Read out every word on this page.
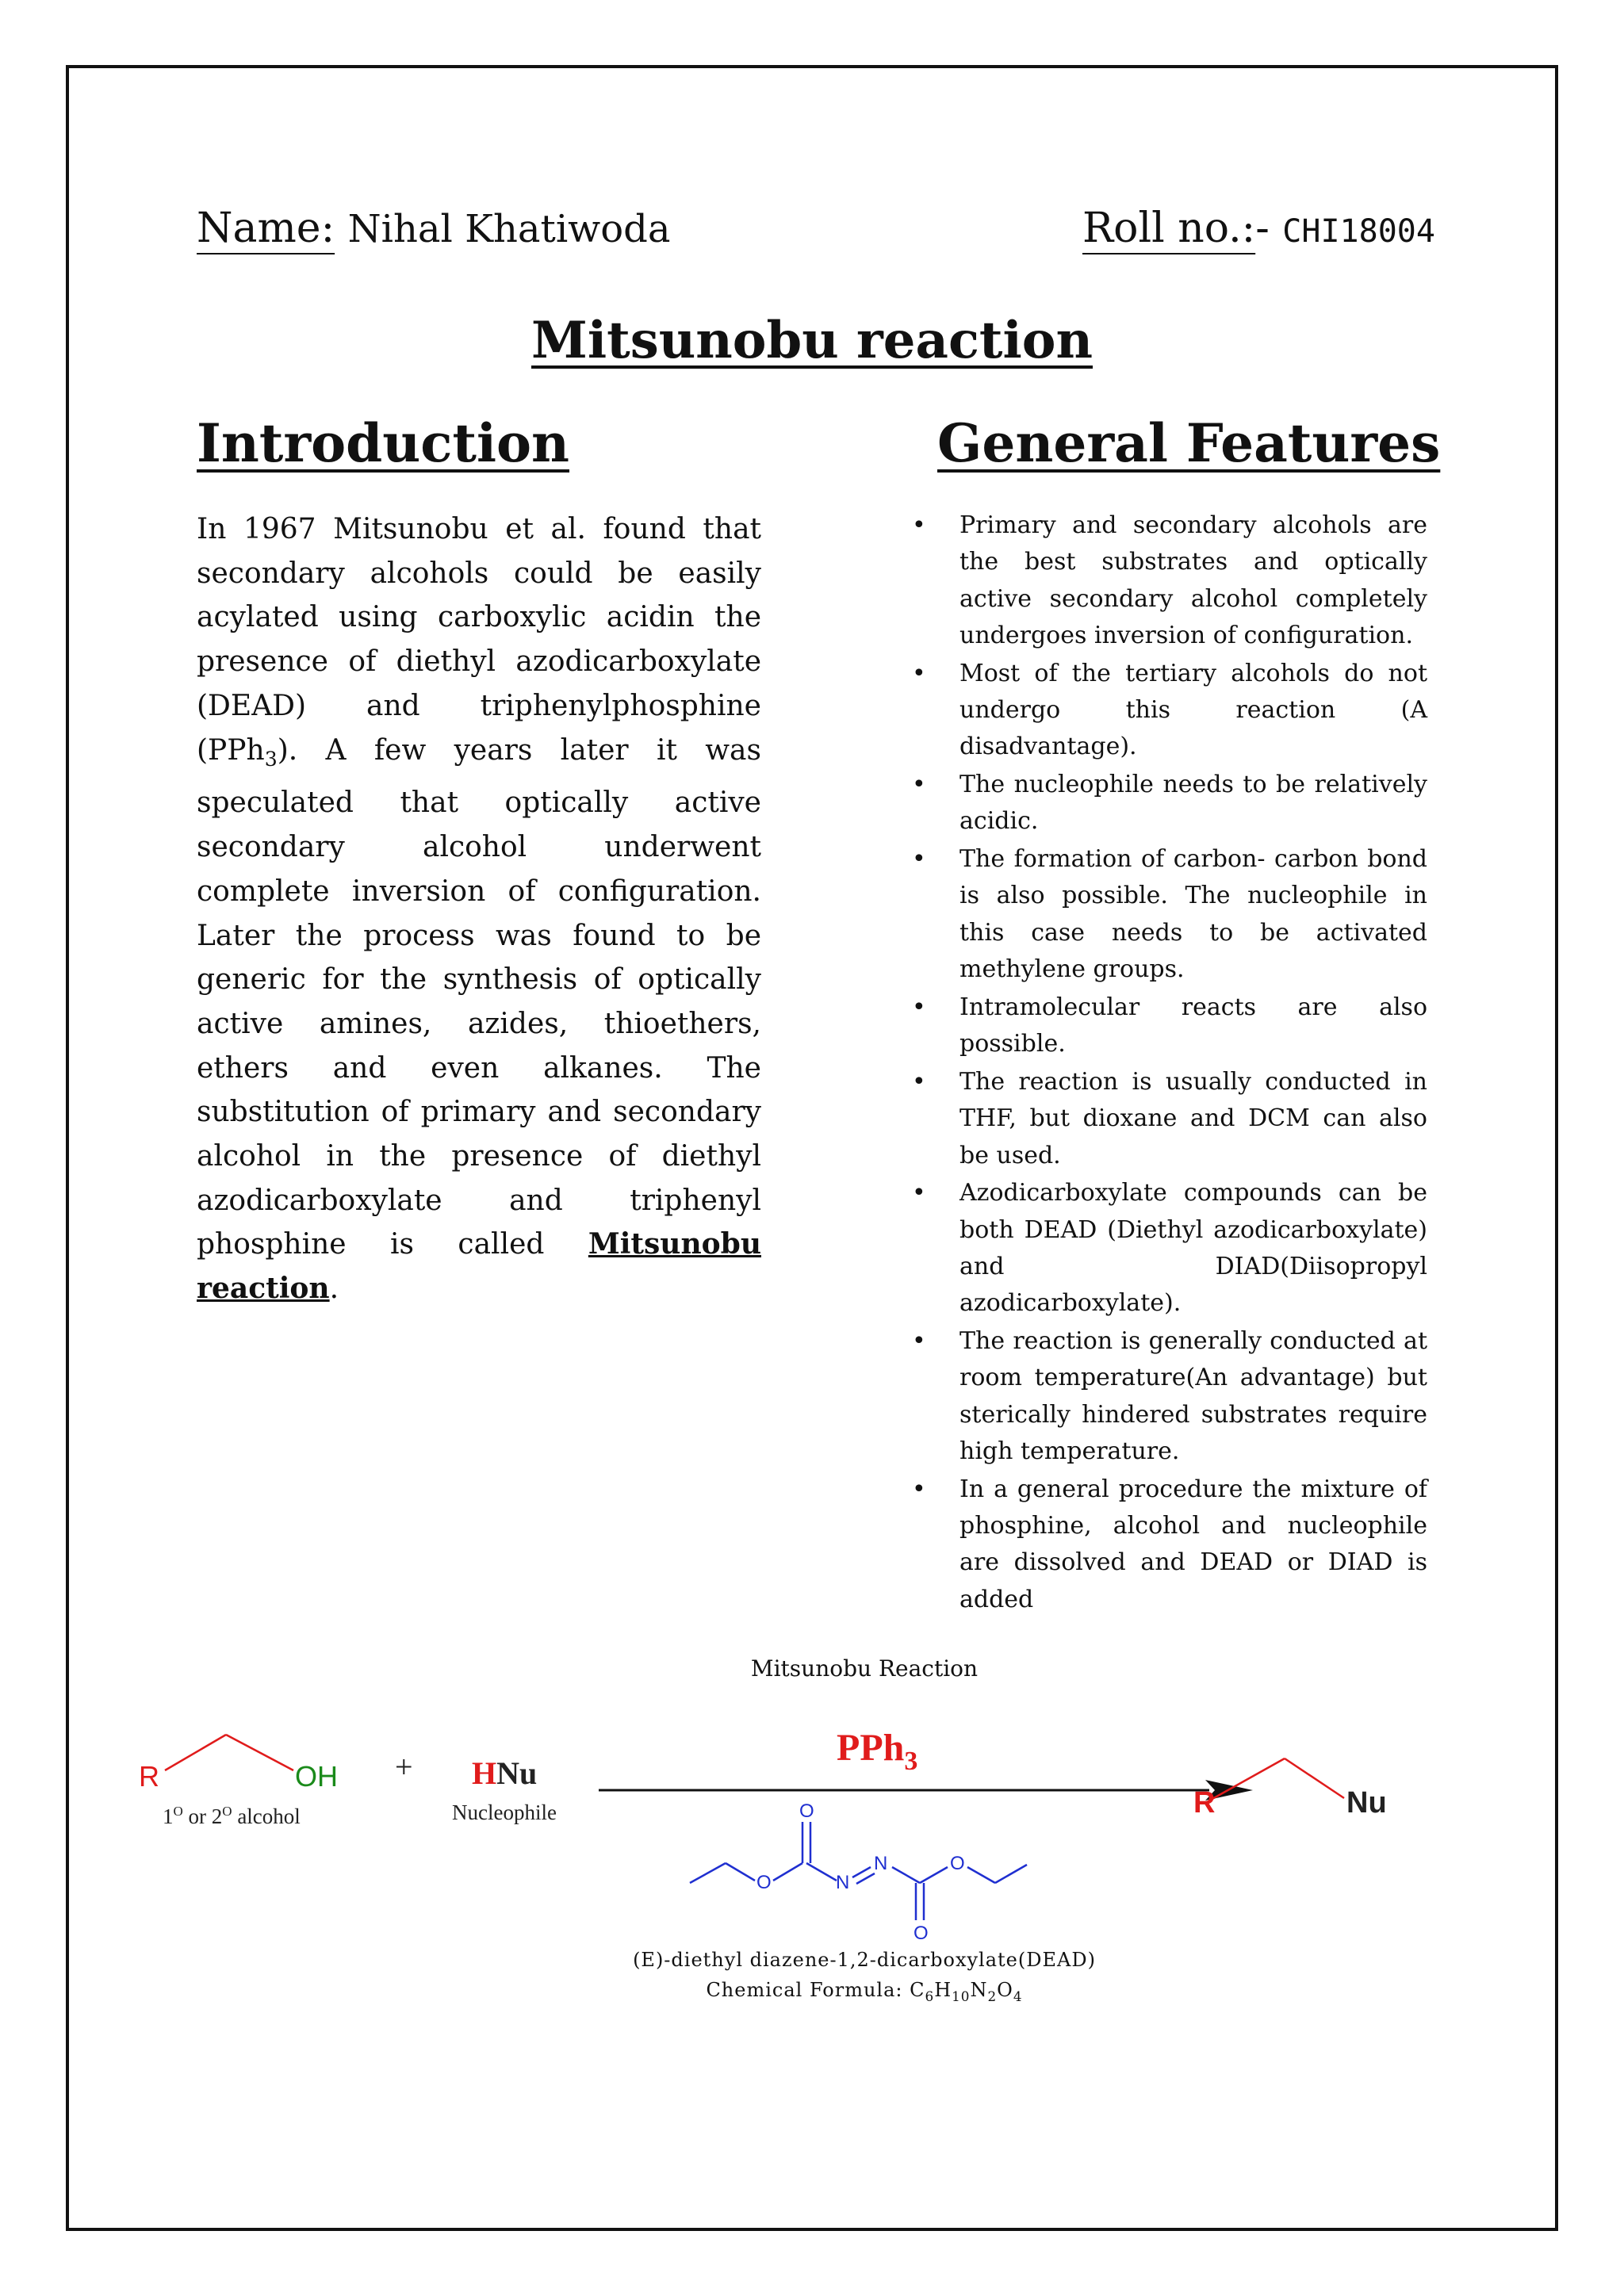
Name: Nihal Khatiwoda	Roll no.:- CHI18004
Mitsunobu reaction
Introduction	General Features
In 1967 Mitsunobu et al. found that secondary alcohols could be easily acylated using carboxylic acidin the presence of diethyl azodicarboxylate (DEAD) and triphenylphosphine (PPh$_3$). A few years later it was speculated that optically active secondary alcohol underwent complete inversion of configuration. Later the process was found to be generic for the synthesis of optically active amines, azides, thioethers, ethers and even alkanes. The substitution of primary and secondary alcohol in the presence of diethyl azodicarboxylate and triphenyl phosphine is called Mitsunobu reaction.
• Primary and secondary alcohols are the best substrates and optically active secondary alcohol completely undergoes inversion of configuration.
• Most of the tertiary alcohols do not undergo this reaction (A disadvantage).
• The nucleophile needs to be relatively acidic.
• The formation of carbon- carbon bond is also possible. The nucleophile in this case needs to be activated methylene groups.
• Intramolecular reacts are also possible.
• The reaction is usually conducted in THF, but dioxane and DCM can also be used.
• Azodicarboxylate compounds can be both DEAD (Diethyl azodicarboxylate) and DIAD(Diisopropyl azodicarboxylate).
• The reaction is generally conducted at room temperature(An advantage) but sterically hindered substrates require high temperature.
• In a general procedure the mixture of phosphine, alcohol and nucleophile are dissolved and DEAD or DIAD is added
Mitsunobu Reaction
R	OH
$1^O$ or $2^O$ alcohol
+ HNu
Nucleophile
PPh$_3$
O
O
N
N	O
O
R	Nu
(E)-diethyl diazene-1,2-dicarboxylate(DEAD)
Chemical Formula: $C_6H_{10}N_2O_4$
